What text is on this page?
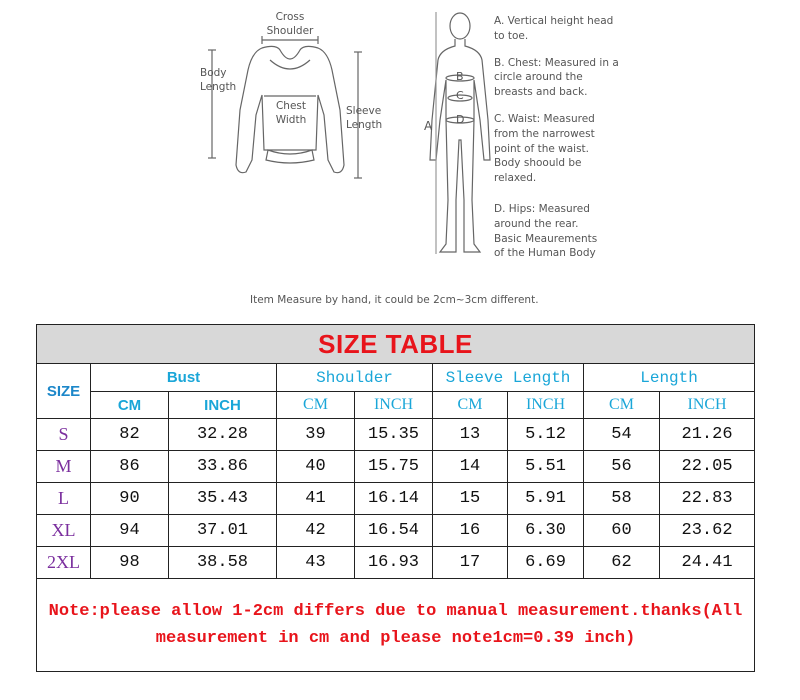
Cross
Shoulder
Body
Length
Chest
Width
Sleeve
Length	A
B
C
D
A. Vertical height head
to toe.
B. Chest: Measured in a
circle around the
breasts and back.
C. Waist: Measured
from the narrowest
point of the waist.
Body shoould be
relaxed.
D. Hips: Measured
around the rear.
Basic Meaurements
of the Human Body
Item Measure by hand, it could be 2cm~3cm different.
SIZE TABLE								
SIZE	Bust		Shoulder		Sleeve Length		Length	
	CM	INCH	CM	INCH	CM	INCH	CM	INCH
S	82	32.28	39	15.35	13	5.12	54	21.26
M	86	33.86	40	15.75	14	5.51	56	22.05
L	90	35.43	41	16.14	15	5.91	58	22.83
XL	94	37.01	42	16.54	16	6.30	60	23.62
2XL	98	38.58	43	16.93	17	6.69	62	24.41

Note:please allow 1-2cm differs due to manual measurement.thanks(All measurement in cm and please note1cm=0.39 inch)								
